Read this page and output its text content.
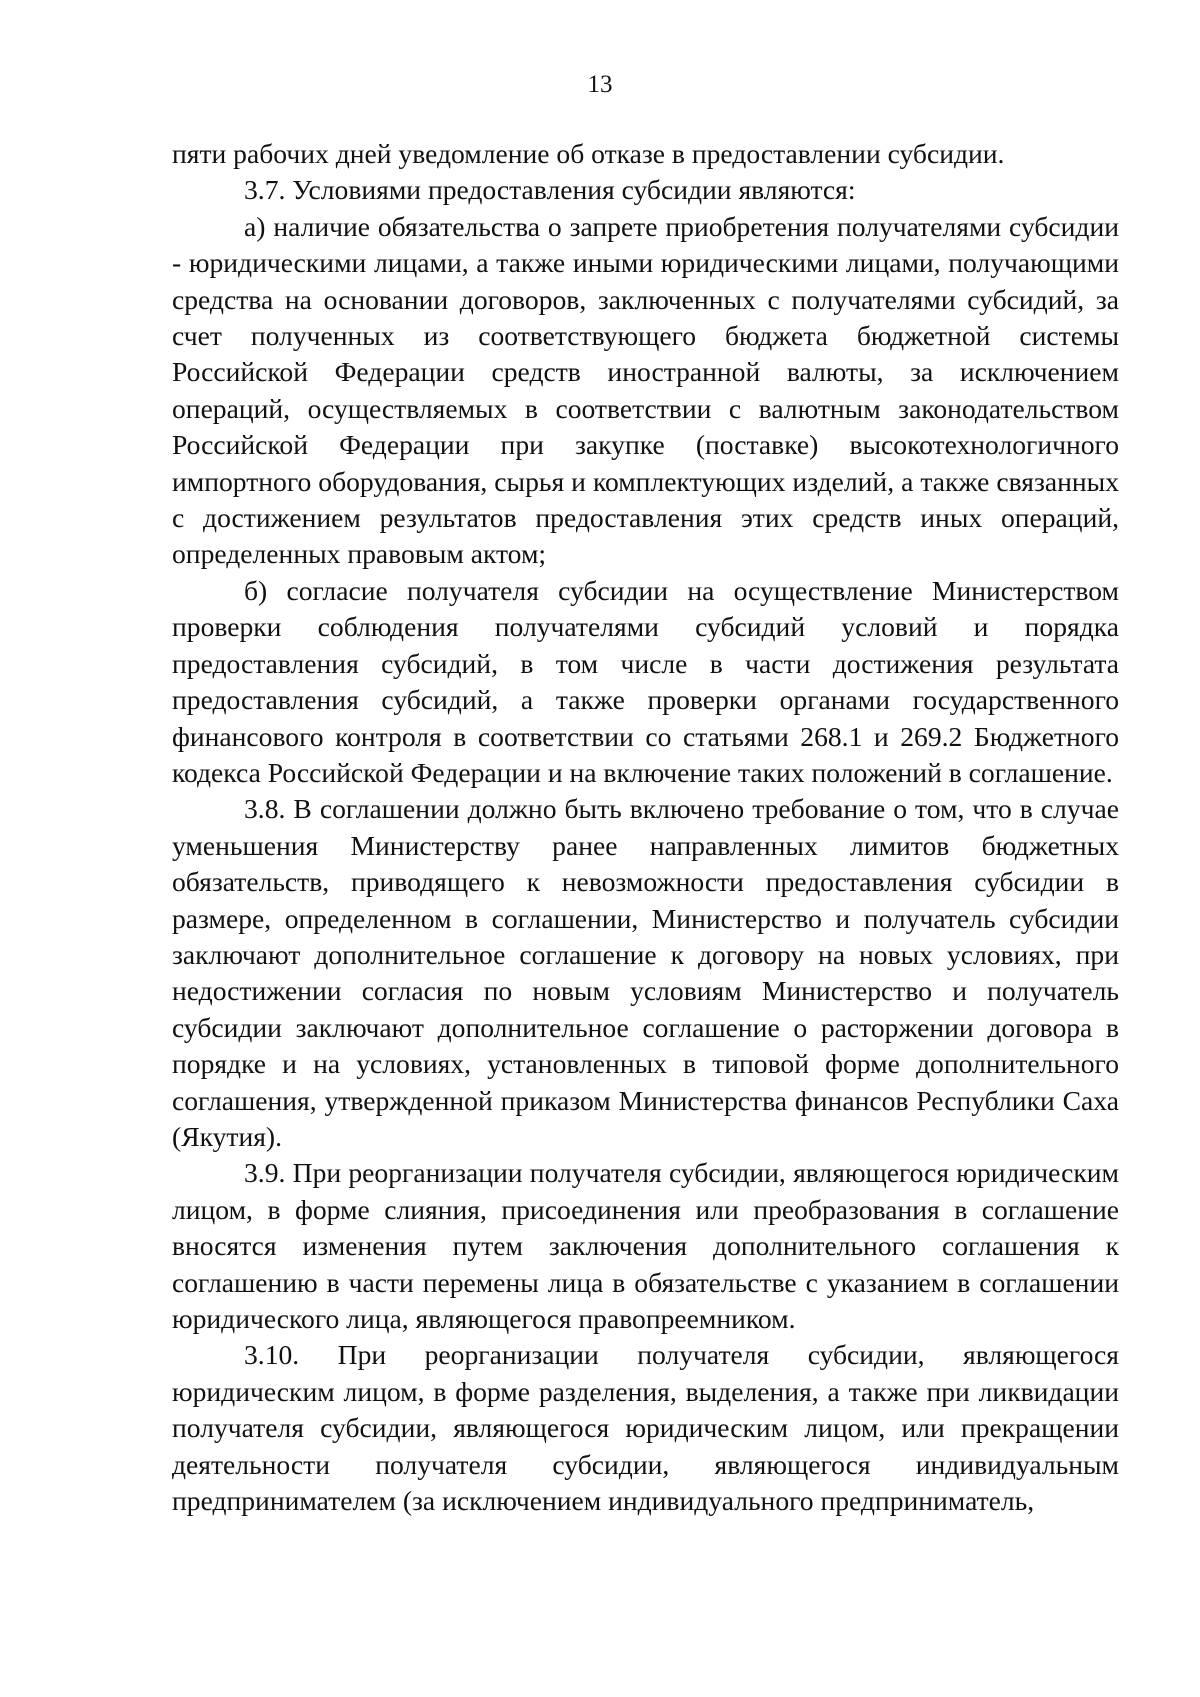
13

пяти рабочих дней уведомление об отказе в предоставлении субсидии.

3.7. Условиями предоставления субсидии являются:

а) наличие обязательства о запрете приобретения получателями субсидии - юридическими лицами, а также иными юридическими лицами, получающими средства на основании договоров, заключенных с получателями субсидий, за счет полученных из соответствующего бюджета бюджетной системы Российской Федерации средств иностранной валюты, за исключением операций, осуществляемых в соответствии с валютным законодательством Российской Федерации при закупке (поставке) высокотехнологичного импортного оборудования, сырья и комплектующих изделий, а также связанных с достижением результатов предоставления этих средств иных операций, определенных правовым актом;

б) согласие получателя субсидии на осуществление Министерством проверки соблюдения получателями субсидий условий и порядка предоставления субсидий, в том числе в части достижения результата предоставления субсидий, а также проверки органами государственного финансового контроля в соответствии со статьями 268.1 и 269.2 Бюджетного кодекса Российской Федерации и на включение таких положений в соглашение.

3.8. В соглашении должно быть включено требование о том, что в случае уменьшения Министерству ранее направленных лимитов бюджетных обязательств, приводящего к невозможности предоставления субсидии в размере, определенном в соглашении, Министерство и получатель субсидии заключают дополнительное соглашение к договору на новых условиях, при недостижении согласия по новым условиям Министерство и получатель субсидии заключают дополнительное соглашение о расторжении договора в порядке и на условиях, установленных в типовой форме дополнительного соглашения, утвержденной приказом Министерства финансов Республики Саха (Якутия).

3.9. При реорганизации получателя субсидии, являющегося юридическим лицом, в форме слияния, присоединения или преобразования в соглашение вносятся изменения путем заключения дополнительного соглашения к соглашению в части перемены лица в обязательстве с указанием в соглашении юридического лица, являющегося правопреемником.

3.10. При реорганизации получателя субсидии, являющегося юридическим лицом, в форме разделения, выделения, а также при ликвидации получателя субсидии, являющегося юридическим лицом, или прекращении деятельности получателя субсидии, являющегося индивидуальным предпринимателем (за исключением индивидуального предприниматель,
